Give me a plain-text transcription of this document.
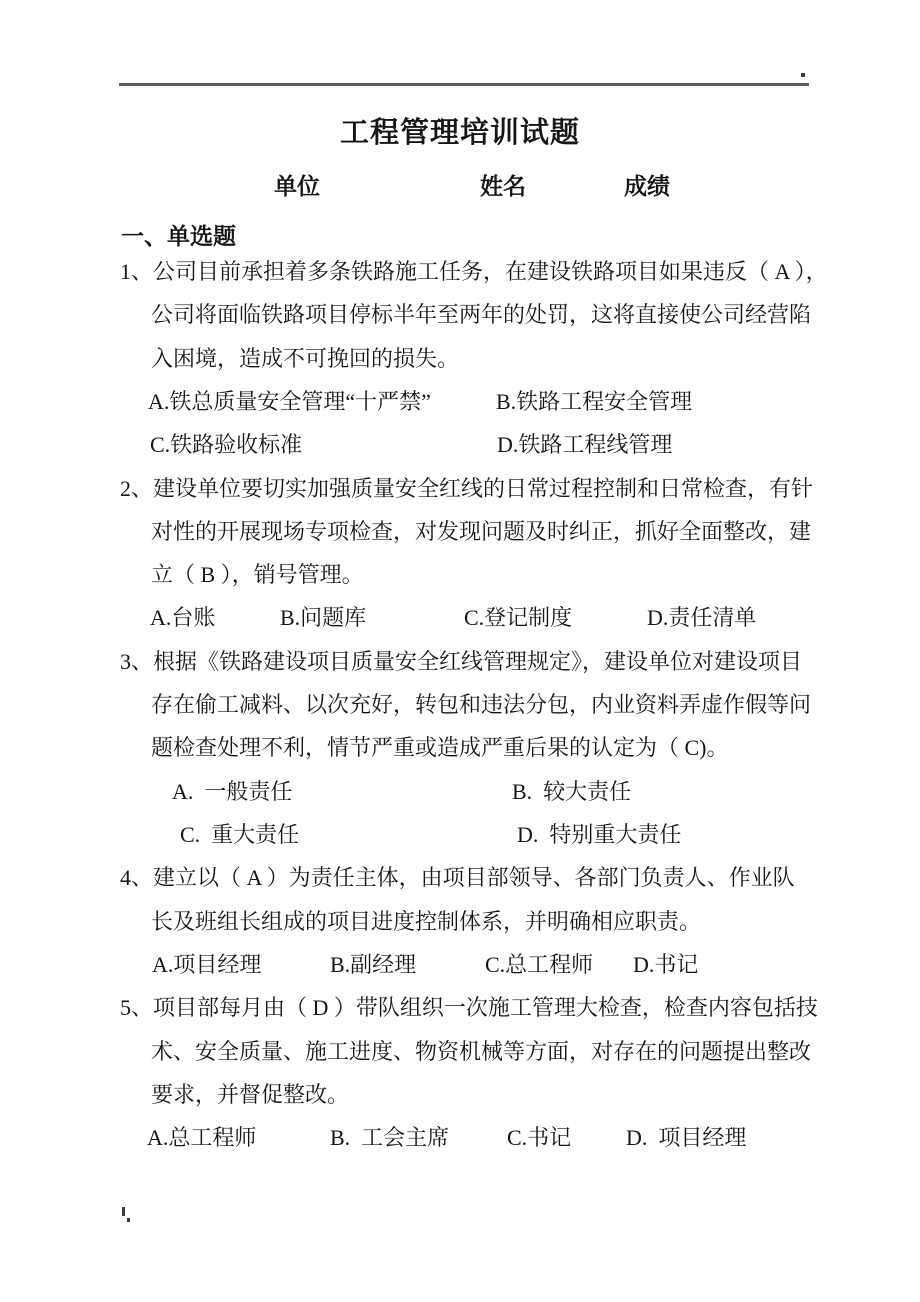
工程管理培训试题
单位	姓名	成绩
一、单选题
1、公司目前承担着多条铁路施工任务，在建设铁路项目如果违反（ A ），
公司将面临铁路项目停标半年至两年的处罚，这将直接使公司经营陷
入困境，造成不可挽回的损失。
A.铁总质量安全管理“十严禁”	B.铁路工程安全管理
C.铁路验收标准	D.铁路工程线管理
2、建设单位要切实加强质量安全红线的日常过程控制和日常检查，有针
对性的开展现场专项检查，对发现问题及时纠正，抓好全面整改，建
立（ B ），销号管理。
A.台账	B.问题库	C.登记制度	D.责任清单
3、根据《铁路建设项目质量安全红线管理规定》，建设单位对建设项目
存在偷工减料、以次充好，转包和违法分包，内业资料弄虚作假等问
题检查处理不利，情节严重或造成严重后果的认定为（ C)。
A.  一般责任	B.  较大责任
C.  重大责任	D.  特别重大责任
4、建立以（ A ）为责任主体，由项目部领导、各部门负责人、作业队
长及班组长组成的项目进度控制体系，并明确相应职责。
A.项目经理	B.副经理	C.总工程师 D.书记
5、项目部每月由（ D ）带队组织一次施工管理大检查，检查内容包括技
术、安全质量、施工进度、物资机械等方面，对存在的问题提出整改
要求，并督促整改。
A.总工程师	B.  工会主席	C.书记 D.  项目经理
